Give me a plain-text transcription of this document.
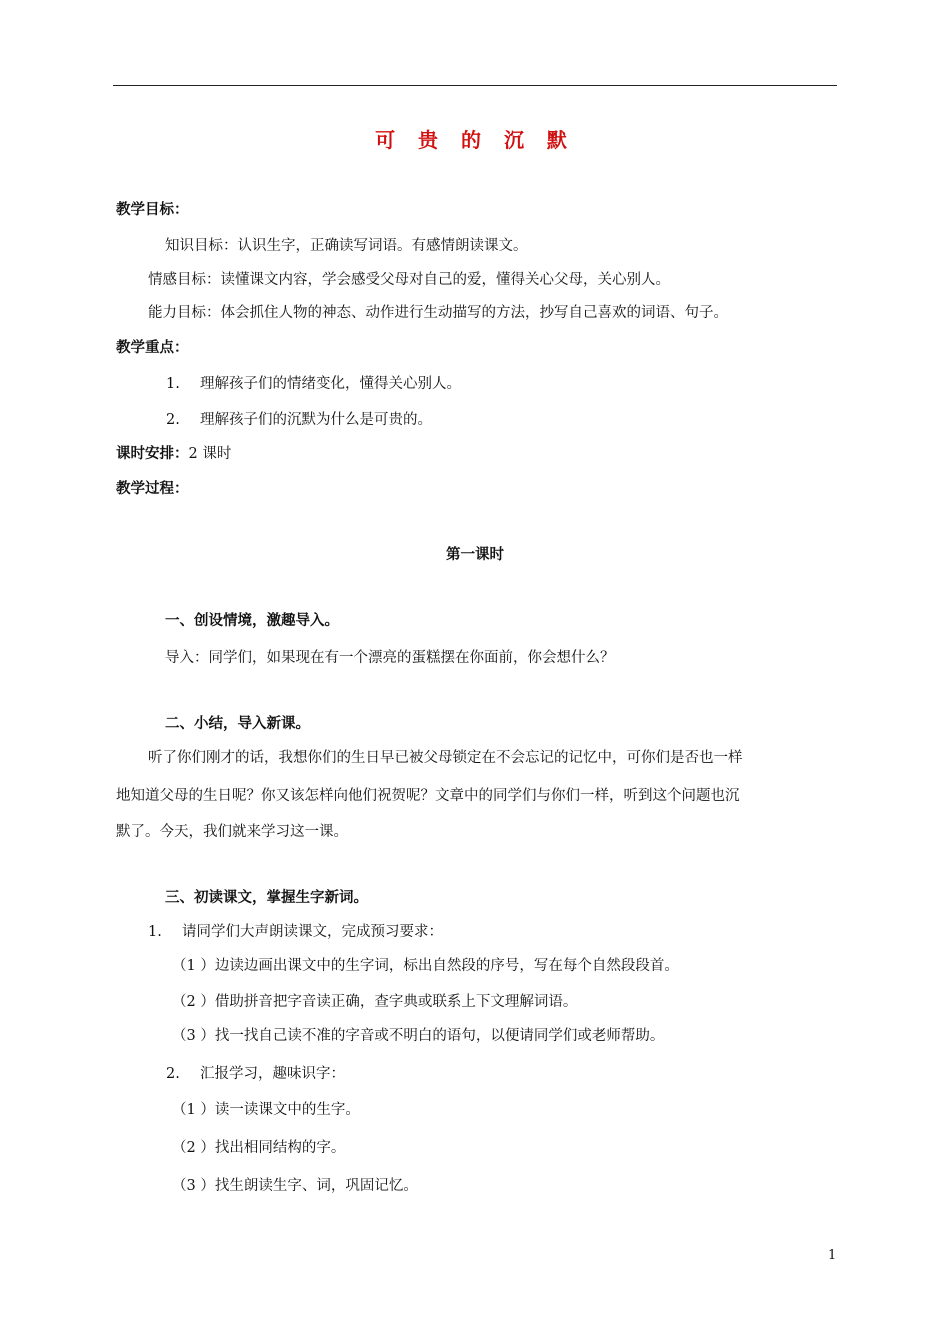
可 贵 的 沉 默
教学目标：
知识目标：认识生字，正确读写词语。有感情朗读课文。
情感目标：读懂课文内容，学会感受父母对自己的爱，懂得关心父母，关心别人。
能力目标：体会抓住人物的神态、动作进行生动描写的方法，抄写自己喜欢的词语、句子。
教学重点：
1. 理解孩子们的情绪变化，懂得关心别人。
2. 理解孩子们的沉默为什么是可贵的。
课时安排：2 课时
教学过程：
第一课时
一、创设情境，激趣导入。
导入：同学们，如果现在有一个漂亮的蛋糕摆在你面前，你会想什么？
二、小结，导入新课。
听了你们刚才的话，我想你们的生日早已被父母锁定在不会忘记的记忆中，可你们是否也一样
地知道父母的生日呢？你又该怎样向他们祝贺呢？文章中的同学们与你们一样，听到这个问题也沉
默了。今天，我们就来学习这一课。
三、初读课文，掌握生字新词。
1. 请同学们大声朗读课文，完成预习要求：
（1 ）边读边画出课文中的生字词，标出自然段的序号，写在每个自然段段首。
（2 ）借助拼音把字音读正确，查字典或联系上下文理解词语。
（3 ）找一找自己读不准的字音或不明白的语句，以便请同学们或老师帮助。
2. 汇报学习，趣味识字：
（1 ）读一读课文中的生字。
（2 ）找出相同结构的字。
（3 ）找生朗读生字、词，巩固记忆。
1
